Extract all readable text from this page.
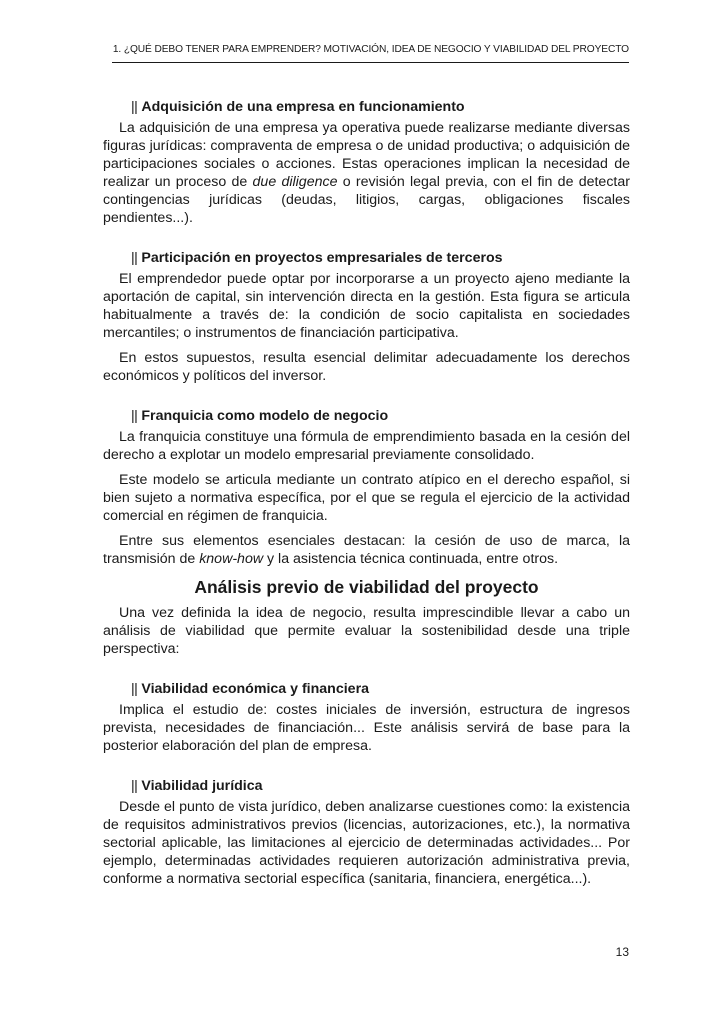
1. ¿QUÉ DEBO TENER PARA EMPRENDER? MOTIVACIÓN, IDEA DE NEGOCIO Y VIABILIDAD DEL PROYECTO
|| Adquisición de una empresa en funcionamiento

La adquisición de una empresa ya operativa puede realizarse mediante diversas figuras jurídicas: compraventa de empresa o de unidad productiva; o adquisición de participaciones sociales o acciones. Estas operaciones implican la necesidad de realizar un proceso de due diligence o revisión legal previa, con el fin de detectar contingencias jurídicas (deudas, litigios, cargas, obligaciones fiscales pendientes...).

|| Participación en proyectos empresariales de terceros

El emprendedor puede optar por incorporarse a un proyecto ajeno mediante la aportación de capital, sin intervención directa en la gestión. Esta figura se articula habitualmente a través de: la condición de socio capitalista en sociedades mercantiles; o instrumentos de financiación participativa.

En estos supuestos, resulta esencial delimitar adecuadamente los derechos económicos y políticos del inversor.

|| Franquicia como modelo de negocio

La franquicia constituye una fórmula de emprendimiento basada en la cesión del derecho a explotar un modelo empresarial previamente consolidado.

Este modelo se articula mediante un contrato atípico en el derecho español, si bien sujeto a normativa específica, por el que se regula el ejercicio de la actividad comercial en régimen de franquicia.

Entre sus elementos esenciales destacan: la cesión de uso de marca, la transmisión de know-how y la asistencia técnica continuada, entre otros.

Análisis previo de viabilidad del proyecto

Una vez definida la idea de negocio, resulta imprescindible llevar a cabo un análisis de viabilidad que permite evaluar la sostenibilidad desde una triple perspectiva:

|| Viabilidad económica y financiera

Implica el estudio de: costes iniciales de inversión, estructura de ingresos prevista, necesidades de financiación... Este análisis servirá de base para la posterior elaboración del plan de empresa.

|| Viabilidad jurídica

Desde el punto de vista jurídico, deben analizarse cuestiones como: la existencia de requisitos administrativos previos (licencias, autorizaciones, etc.), la normativa sectorial aplicable, las limitaciones al ejercicio de determinadas actividades... Por ejemplo, determinadas actividades requieren autorización administrativa previa, conforme a normativa sectorial específica (sanitaria, financiera, energética...).

13
